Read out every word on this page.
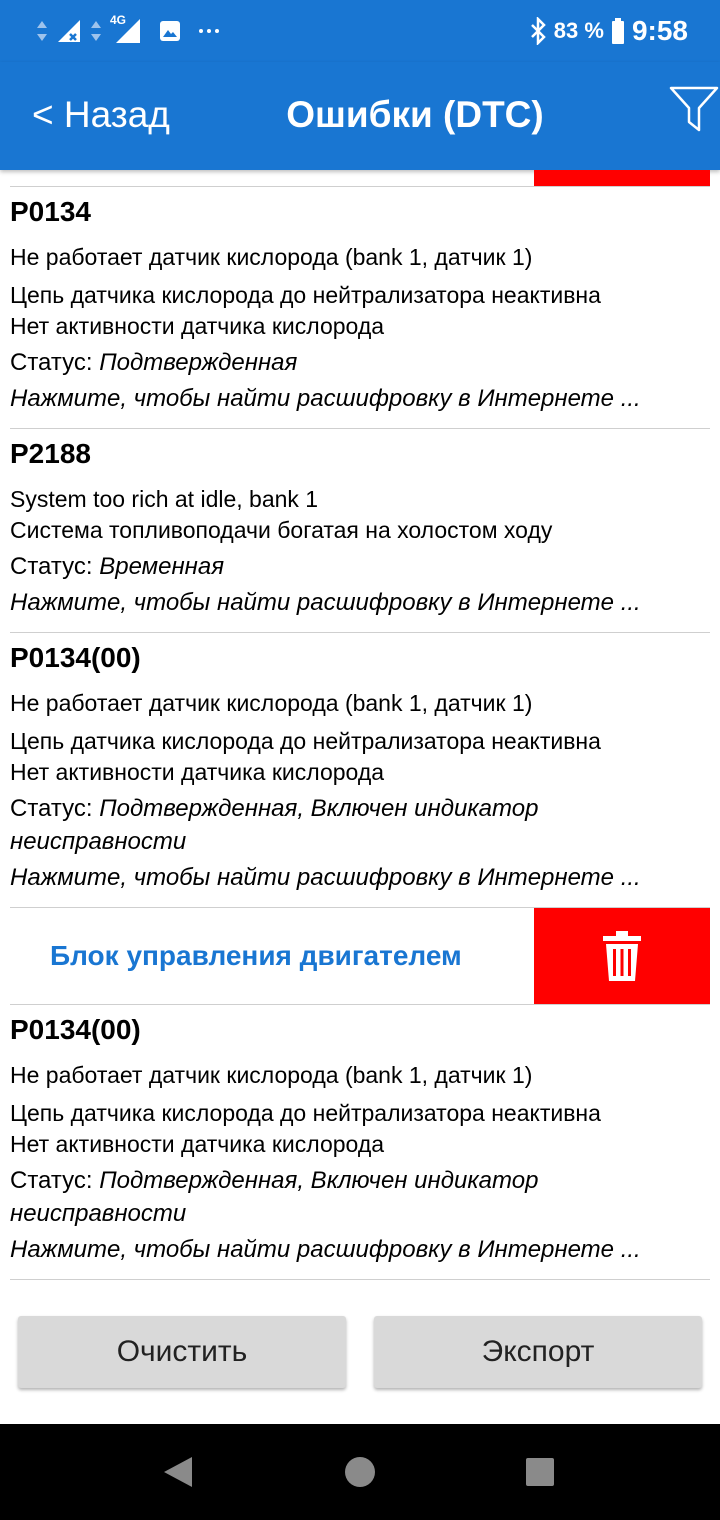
4G	83 % 9:58
< Назад	Ошибки (DTC)
P0134
Не работает датчик кислорода (bank 1, датчик 1)
Цепь датчика кислорода до нейтрализатора неактивна
Нет активности датчика кислорода
Статус: Подтвержденная
Нажмите, чтобы найти расшифровку в Интернете ...
P2188
System too rich at idle, bank 1
Система топливоподачи богатая на холостом ходу
Статус: Временная
Нажмите, чтобы найти расшифровку в Интернете ...
P0134(00)
Не работает датчик кислорода (bank 1, датчик 1)
Цепь датчика кислорода до нейтрализатора неактивна
Нет активности датчика кислорода
Статус: Подтвержденная, Включен индикатор неисправности
Нажмите, чтобы найти расшифровку в Интернете ...
Блок управления двигателем
P0134(00)
Не работает датчик кислорода (bank 1, датчик 1)
Цепь датчика кислорода до нейтрализатора неактивна
Нет активности датчика кислорода
Статус: Подтвержденная, Включен индикатор неисправности
Нажмите, чтобы найти расшифровку в Интернете ...
Очистить	Экспорт
